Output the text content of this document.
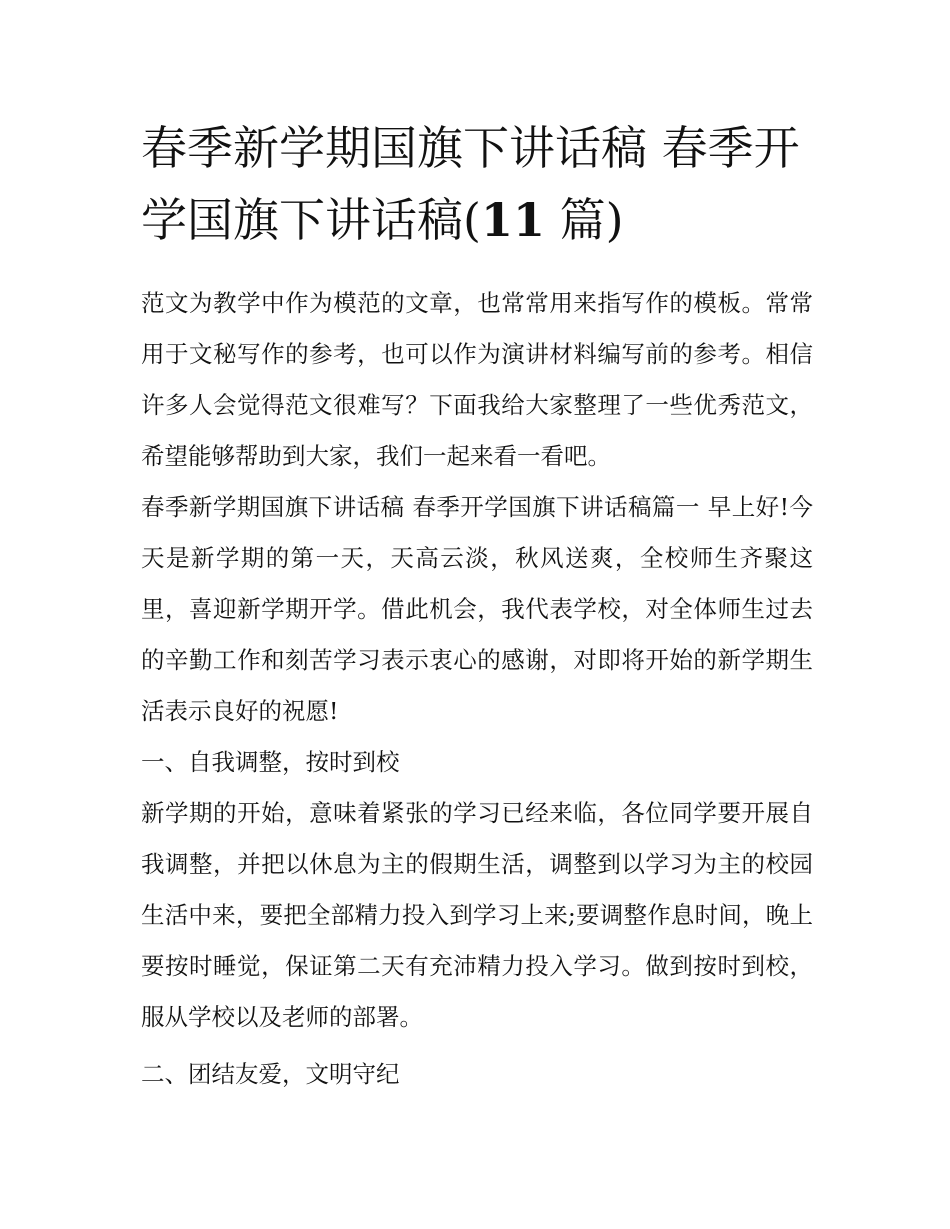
春季新学期国旗下讲话稿 春季开学国旗下讲话稿(11 篇)

范文为教学中作为模范的文章，也常常用来指写作的模板。常常用于文秘写作的参考，也可以作为演讲材料编写前的参考。相信许多人会觉得范文很难写？下面我给大家整理了一些优秀范文，希望能够帮助到大家，我们一起来看一看吧。

春季新学期国旗下讲话稿 春季开学国旗下讲话稿篇一 早上好!今天是新学期的第一天，天高云淡，秋风送爽，全校师生齐聚这里，喜迎新学期开学。借此机会，我代表学校，对全体师生过去的辛勤工作和刻苦学习表示衷心的感谢，对即将开始的新学期生活表示良好的祝愿!

一、自我调整，按时到校

新学期的开始，意味着紧张的学习已经来临，各位同学要开展自我调整，并把以休息为主的假期生活，调整到以学习为主的校园生活中来，要把全部精力投入到学习上来;要调整作息时间，晚上要按时睡觉，保证第二天有充沛精力投入学习。做到按时到校，服从学校以及老师的部署。

二、团结友爱，文明守纪
